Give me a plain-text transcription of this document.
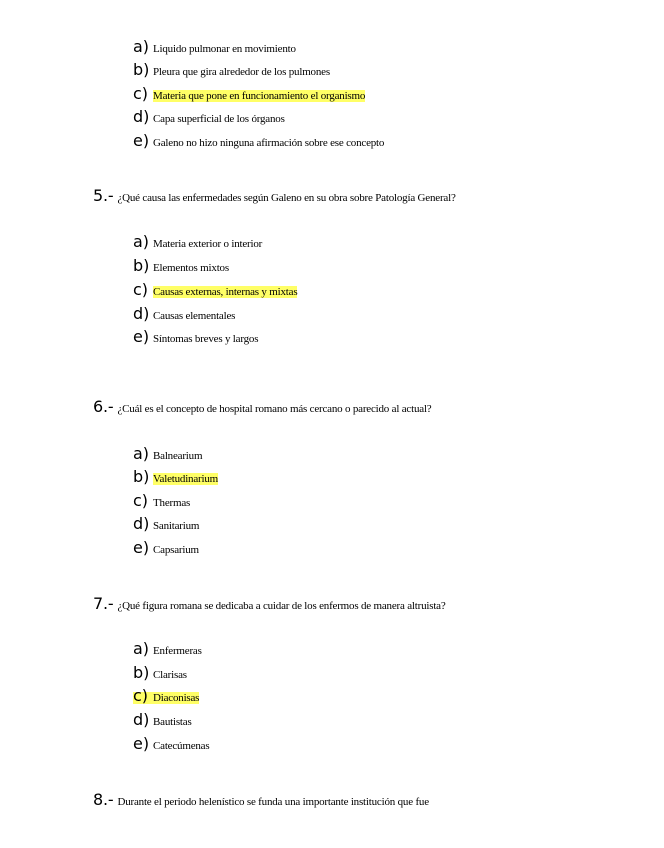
a) Liquido pulmonar en movimiento
b) Pleura que gira alrededor de los pulmones
c) Materia que pone en funcionamiento el organismo
d) Capa superficial de los órganos
e) Galeno no hizo ninguna afirmación sobre ese concepto
5.- ¿Qué causa las enfermedades según Galeno en su obra sobre Patología General?
a) Materia exterior o interior
b) Elementos mixtos
c) Causas externas, internas y mixtas
d) Causas elementales
e) Síntomas breves y largos
6.- ¿Cuál es el concepto de hospital romano más cercano o parecido al actual?
a) Balnearium
b) Valetudinarium
c) Thermas
d) Sanitarium
e) Capsarium
7.- ¿Qué figura romana se dedicaba a cuidar de los enfermos de manera altruista?
a) Enfermeras
b) Clarisas
c) Diaconisas
d) Bautistas
e) Catecúmenas
8.- Durante el periodo helenístico se funda una importante institución que fue
